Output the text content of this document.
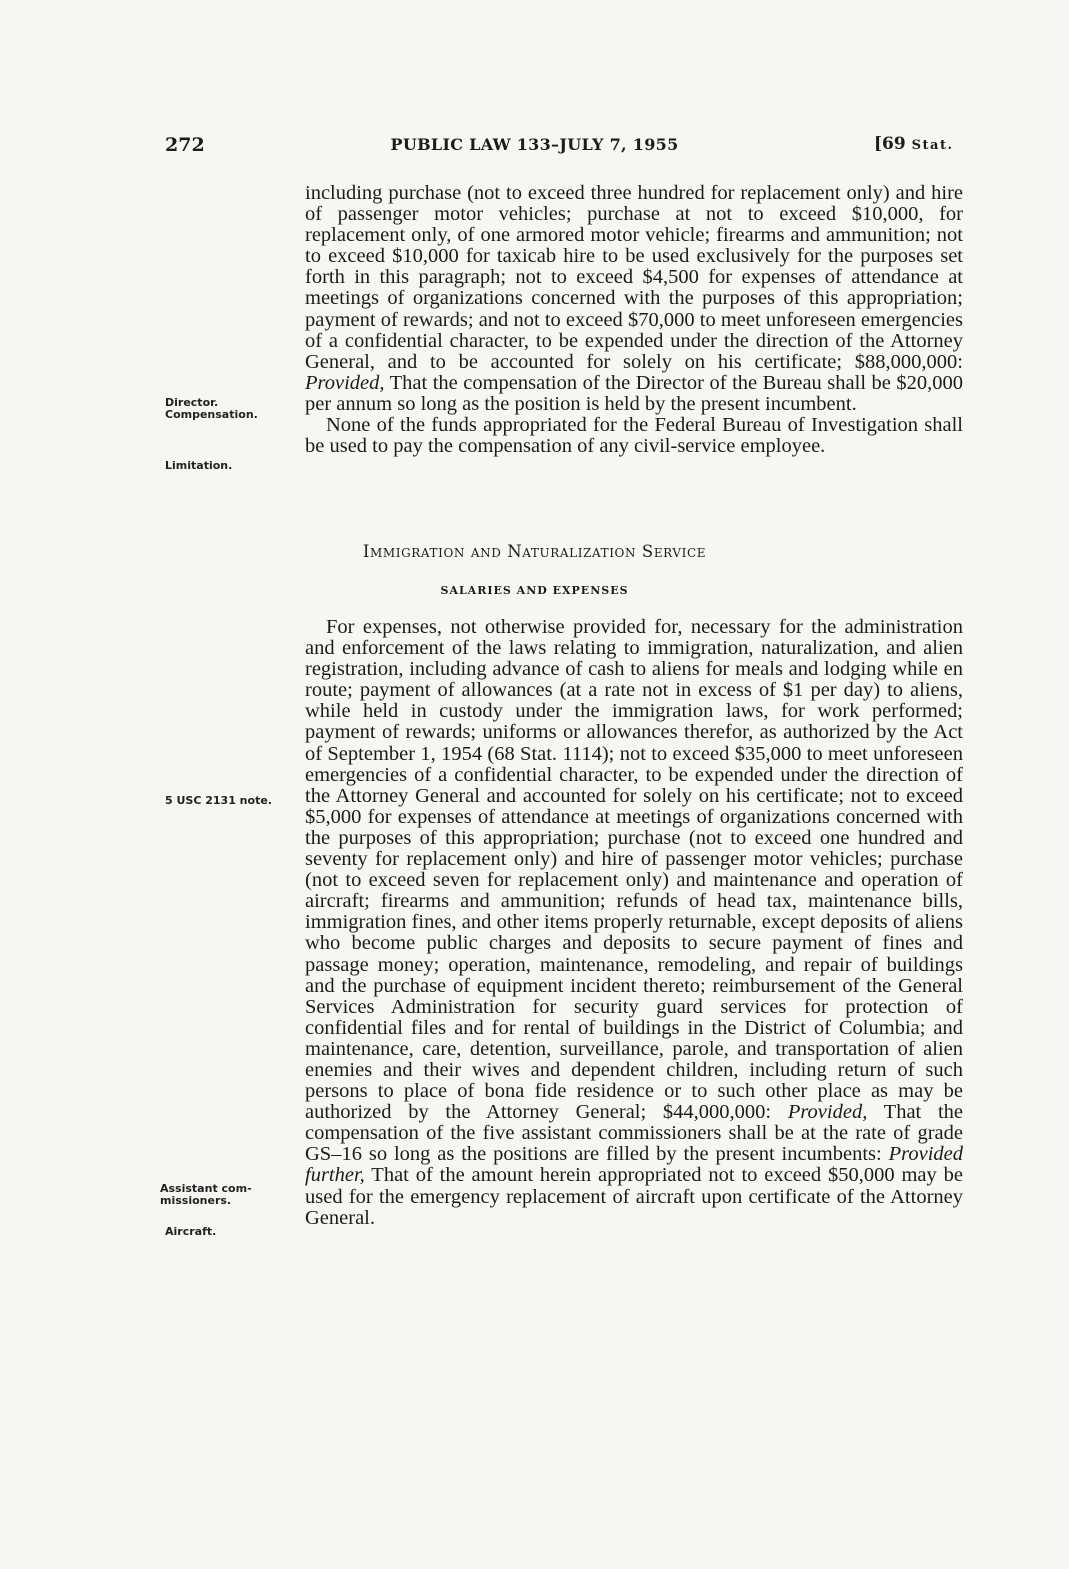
272	PUBLIC LAW 133–JULY 7, 1955	[69 Stat.

including purchase (not to exceed three hundred for replacement only) and hire of passenger motor vehicles; purchase at not to exceed $10,000, for replacement only, of one armored motor vehicle; firearms and ammunition; not to exceed $10,000 for taxicab hire to be used exclusively for the purposes set forth in this paragraph; not to exceed $4,500 for expenses of attendance at meetings of organizations concerned with the purposes of this appropriation; payment of rewards; and not to exceed $70,000 to meet unforeseen emergencies of a confidential character, to be expended under the direction of the Attorney General, and to be accounted for solely on his certificate; $88,000,000: Provided, That the compensation of the Director of the Bureau shall be $20,000 per annum so long as the position is held by the present incumbent.

None of the funds appropriated for the Federal Bureau of Investigation shall be used to pay the compensation of any civil-service employee.

Immigration and Naturalization Service
SALARIES AND EXPENSES

For expenses, not otherwise provided for, necessary for the administration and enforcement of the laws relating to immigration, naturalization, and alien registration, including advance of cash to aliens for meals and lodging while en route; payment of allowances (at a rate not in excess of $1 per day) to aliens, while held in custody under the immigration laws, for work performed; payment of rewards; uniforms or allowances therefor, as authorized by the Act of September 1, 1954 (68 Stat. 1114); not to exceed $35,000 to meet unforeseen emergencies of a confidential character, to be expended under the direction of the Attorney General and accounted for solely on his certificate; not to exceed $5,000 for expenses of attendance at meetings of organizations concerned with the purposes of this appropriation; purchase (not to exceed one hundred and seventy for replacement only) and hire of passenger motor vehicles; purchase (not to exceed seven for replacement only) and maintenance and operation of aircraft; firearms and ammunition; refunds of head tax, maintenance bills, immigration fines, and other items properly returnable, except deposits of aliens who become public charges and deposits to secure payment of fines and passage money; operation, maintenance, remodeling, and repair of buildings and the purchase of equipment incident thereto; reimbursement of the General Services Administration for security guard services for protection of confidential files and for rental of buildings in the District of Columbia; and maintenance, care, detention, surveillance, parole, and transportation of alien enemies and their wives and dependent children, including return of such persons to place of bona fide residence or to such other place as may be authorized by the Attorney General; $44,000,000: Provided, That the compensation of the five assistant commissioners shall be at the rate of grade GS–16 so long as the positions are filled by the present incumbents: Provided further, That of the amount herein appropriated not to exceed $50,000 may be used for the emergency replacement of aircraft upon certificate of the Attorney General.

Director.
Compensation.
Limitation.
5 USC 2131 note.
Assistant com-
missioners.
Aircraft.
